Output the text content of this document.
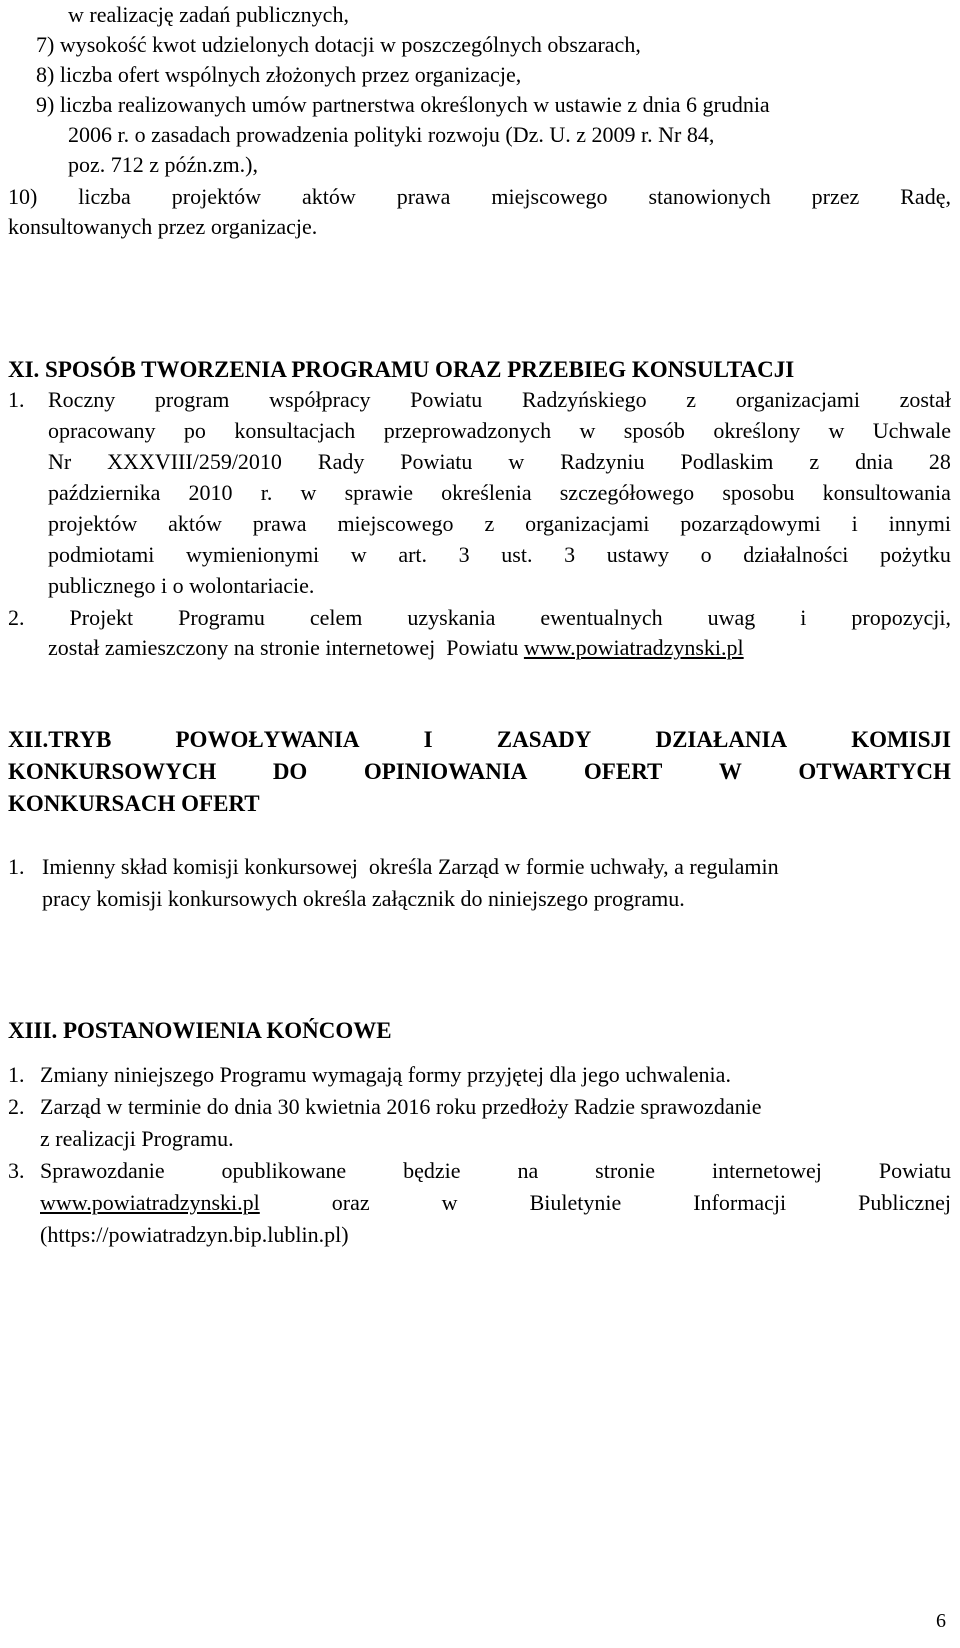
w realizację zadań publicznych,
7) wysokość kwot udzielonych dotacji w poszczególnych obszarach,
8) liczba ofert wspólnych złożonych przez organizacje,
9) liczba realizowanych umów partnerstwa określonych w ustawie z dnia 6 grudnia
2006 r. o zasadach prowadzenia polityki rozwoju (Dz. U. z 2009 r. Nr 84,
poz. 712 z późn.zm.),
10) liczba projektów aktów prawa miejscowego stanowionych przez Radę,
konsultowanych przez organizacje.
XI. SPOSÓB TWORZENIA PROGRAMU ORAZ PRZEBIEG KONSULTACJI
1. Roczny program współpracy Powiatu Radzyńskiego z organizacjami został
opracowany po konsultacjach przeprowadzonych w sposób określony w Uchwale
Nr XXXVIII/259/2010 Rady Powiatu w Radzyniu Podlaskim z dnia 28
października 2010 r. w sprawie określenia szczegółowego sposobu konsultowania
projektów aktów prawa miejscowego z organizacjami pozarządowymi i innymi
podmiotami wymienionymi w art. 3 ust. 3 ustawy o działalności pożytku
publicznego i o wolontariacie.
2. Projekt Programu celem uzyskania ewentualnych uwag i propozycji,
został zamieszczony na stronie internetowej  Powiatu www.powiatradzynski.pl
XII.TRYB	POWOŁYWANIA	I	ZASADY	DZIAŁANIA	KOMISJI
KONKURSOWYCH DO OPINIOWANIA OFERT W OTWARTYCH
KONKURSACH OFERT
1. Imienny skład komisji konkursowej  określa Zarząd w formie uchwały, a regulamin
pracy komisji konkursowych określa załącznik do niniejszego programu.
XIII. POSTANOWIENIA KOŃCOWE
1. Zmiany niniejszego Programu wymagają formy przyjętej dla jego uchwalenia.
2. Zarząd w terminie do dnia 30 kwietnia 2016 roku przedłoży Radzie sprawozdanie
z realizacji Programu.
3. Sprawozdanie	opublikowane	będzie	na	stronie	internetowej	Powiatu
www.powiatradzynski.pl	oraz	w	Biuletynie	Informacji	Publicznej
(https://powiatradzyn.bip.lublin.pl)
6
